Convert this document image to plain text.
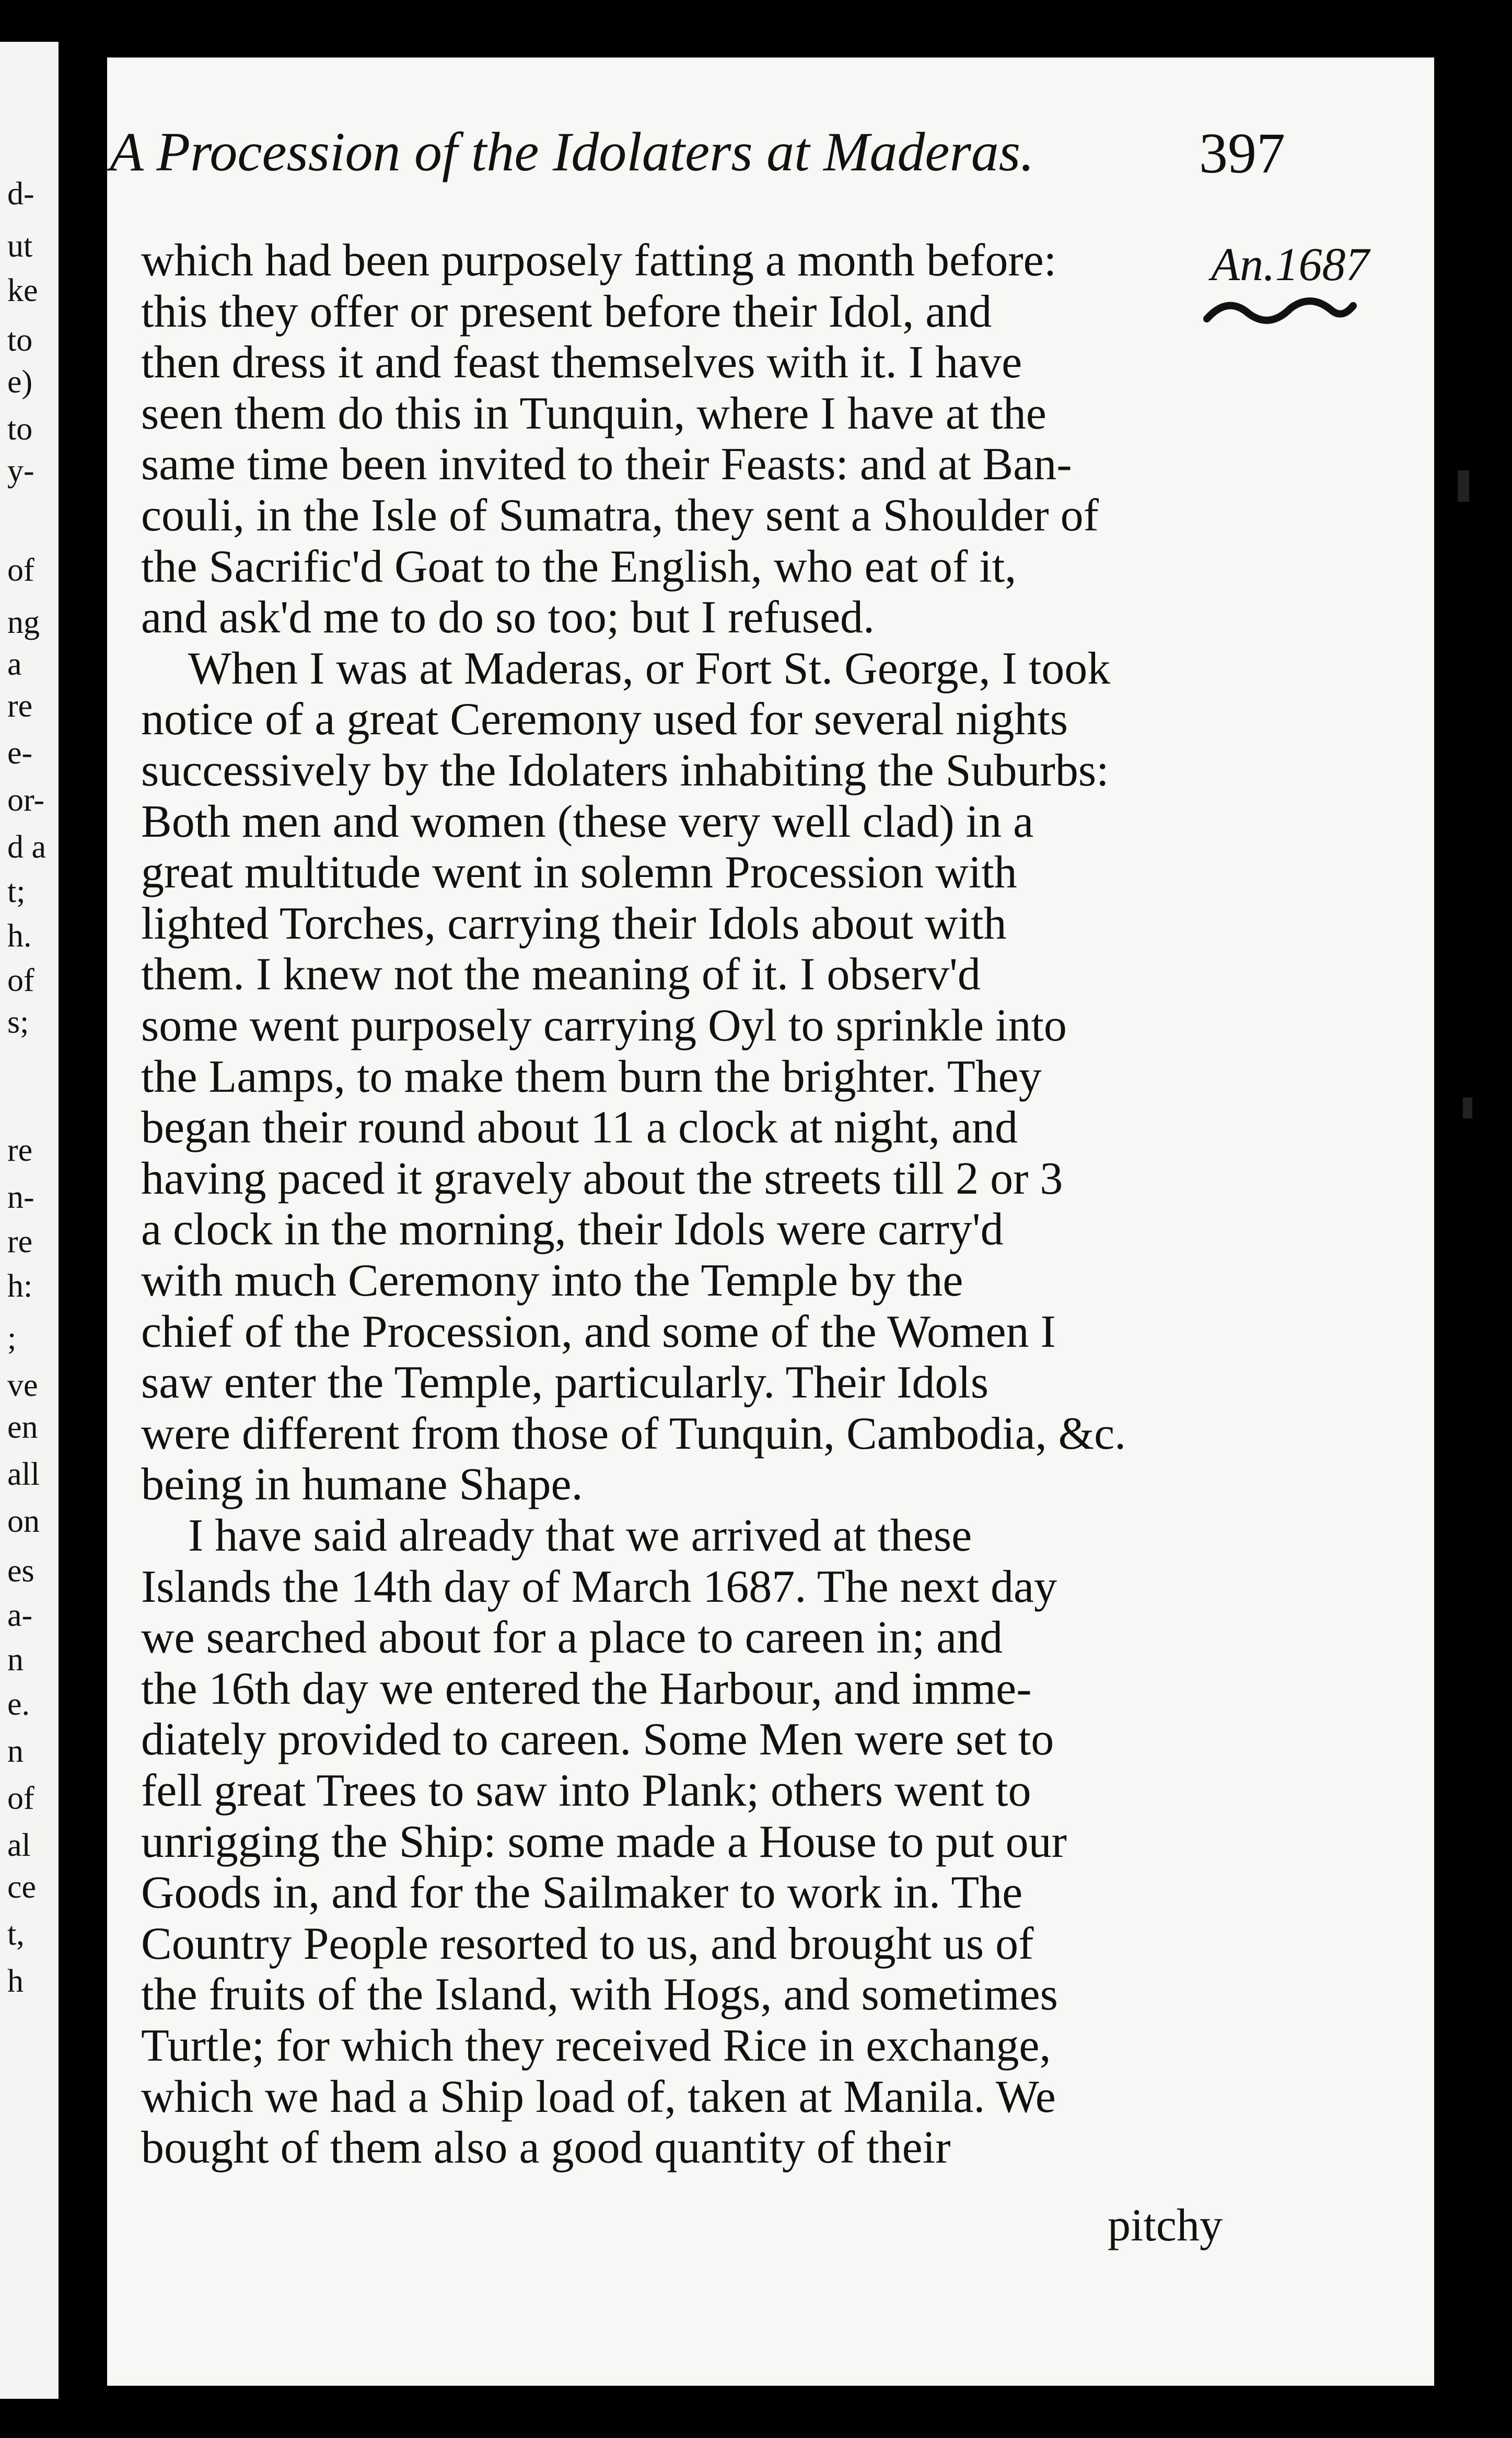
d-
ut
ke
to
e)
to
y-
of
ng
a
re
e-
or-
d a
t;
h.
of
s;
re
n-
re
h:
;
ve
en
all
on
es
a-
n
e.
n
of
al
ce
t,
h
A Procession of the Idolaters at Maderas.	397
An.1687
which had been purposely fatting a month before:
this they offer or present before their Idol, and
then dress it and feast themselves with it. I have
seen them do this in Tunquin, where I have at the
same time been invited to their Feasts: and at Ban-
couli, in the Isle of Sumatra, they sent a Shoulder of
the Sacrific'd Goat to the English, who eat of it,
and ask'd me to do so too; but I refused.
When I was at Maderas, or Fort St. George, I took
notice of a great Ceremony used for several nights
successively by the Idolaters inhabiting the Suburbs:
Both men and women (these very well clad) in a
great multitude went in solemn Procession with
lighted Torches, carrying their Idols about with
them. I knew not the meaning of it. I observ'd
some went purposely carrying Oyl to sprinkle into
the Lamps, to make them burn the brighter. They
began their round about 11 a clock at night, and
having paced it gravely about the streets till 2 or 3
a clock in the morning, their Idols were carry'd
with much Ceremony into the Temple by the
chief of the Procession, and some of the Women I
saw enter the Temple, particularly. Their Idols
were different from those of Tunquin, Cambodia, &c.
being in humane Shape.
I have said already that we arrived at these
Islands the 14th day of March 1687. The next day
we searched about for a place to careen in; and
the 16th day we entered the Harbour, and imme-
diately provided to careen. Some Men were set to
fell great Trees to saw into Plank; others went to
unrigging the Ship: some made a House to put our
Goods in, and for the Sailmaker to work in. The
Country People resorted to us, and brought us of
the fruits of the Island, with Hogs, and sometimes
Turtle; for which they received Rice in exchange,
which we had a Ship load of, taken at Manila. We
bought of them also a good quantity of their
pitchy
